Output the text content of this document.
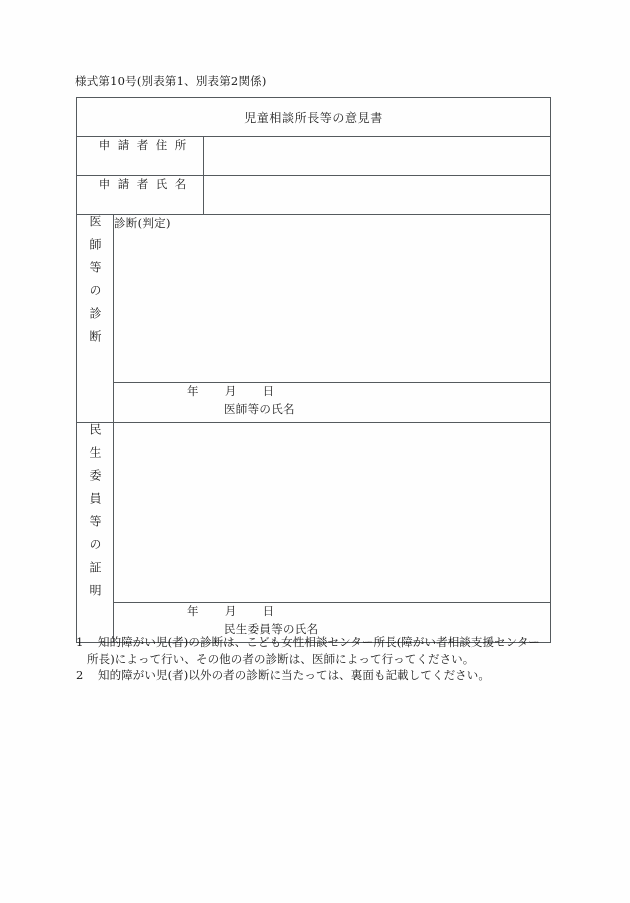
様式第10号(別表第1、別表第2関係)
児童相談所長等の意見書		

申請者住所		

申請者氏名		

医師等の診断	診断(判定)	

	年 月 日
医師等の氏名	

民生委員等の証明		

	年 月 日
民生委員等の氏名	
1	知的障がい児(者)の診断は、こども女性相談センター所長(障がい者相談支援センター
所長)によって行い、その他の者の診断は、医師によって行ってください。
2	知的障がい児(者)以外の者の診断に当たっては、裏面も記載してください。
